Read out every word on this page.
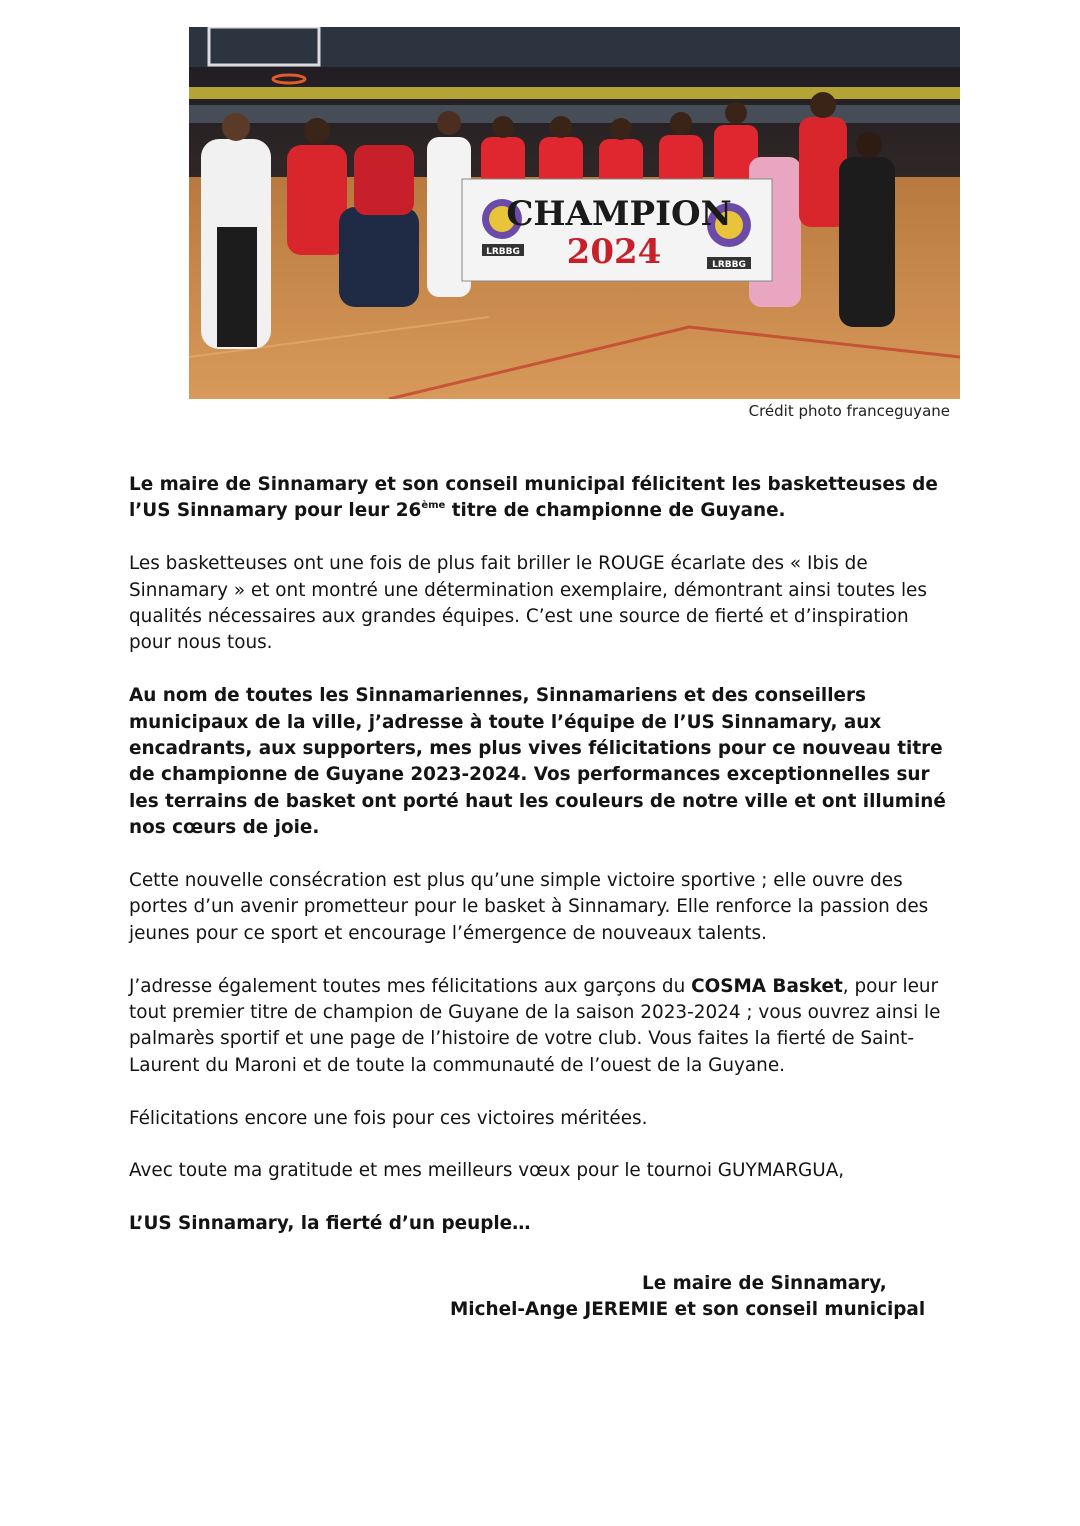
CHAMPION
2024
LRBBG
LRBBG
Crédit photo franceguyane

Le maire de Sinnamary et son conseil municipal félicitent les basketteuses de l’US Sinnamary pour leur 26ème titre de championne de Guyane.

Les basketteuses ont une fois de plus fait briller le ROUGE écarlate des « Ibis de Sinnamary » et ont montré une détermination exemplaire, démontrant ainsi toutes les qualités nécessaires aux grandes équipes. C’est une source de fierté et d’inspiration pour nous tous.

Au nom de toutes les Sinnamariennes, Sinnamariens et des conseillers municipaux de la ville, j’adresse à toute l’équipe de l’US Sinnamary, aux encadrants, aux supporters, mes plus vives félicitations pour ce nouveau titre de championne de Guyane 2023-2024. Vos performances exceptionnelles sur les terrains de basket ont porté haut les couleurs de notre ville et ont illuminé nos cœurs de joie.

Cette nouvelle consécration est plus qu’une simple victoire sportive ; elle ouvre des portes d’un avenir prometteur pour le basket à Sinnamary. Elle renforce la passion des jeunes pour ce sport et encourage l’émergence de nouveaux talents.

J’adresse également toutes mes félicitations aux garçons du COSMA Basket, pour leur tout premier titre de champion de Guyane de la saison 2023-2024 ; vous ouvrez ainsi le palmarès sportif et une page de l’histoire de votre club. Vous faites la fierté de Saint-Laurent du Maroni et de toute la communauté de l’ouest de la Guyane.

Félicitations encore une fois pour ces victoires méritées.

Avec toute ma gratitude et mes meilleurs vœux pour le tournoi GUYMARGUA,

L’US Sinnamary, la fierté d’un peuple…

Le maire de Sinnamary,
Michel-Ange JEREMIE et son conseil municipal
